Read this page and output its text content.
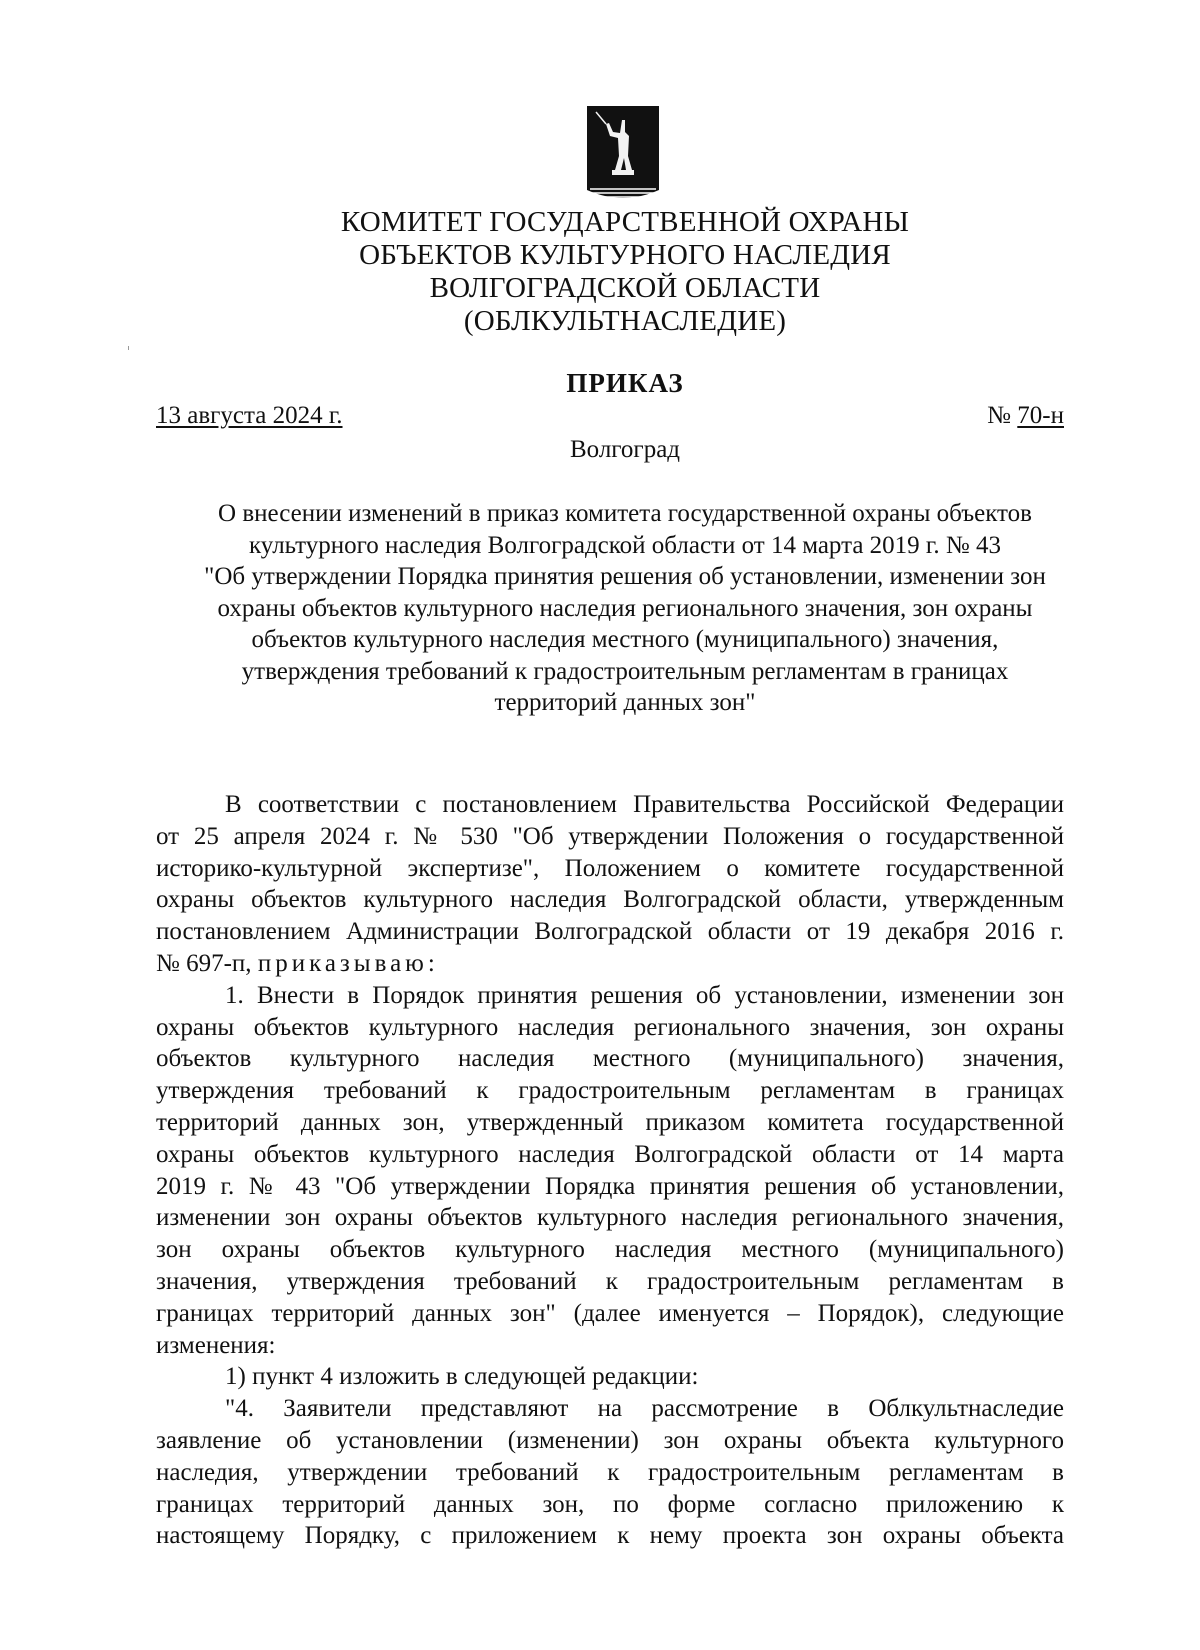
КОМИТЕТ ГОСУДАРСТВЕННОЙ ОХРАНЫ
ОБЪЕКТОВ КУЛЬТУРНОГО НАСЛЕДИЯ
ВОЛГОГРАДСКОЙ ОБЛАСТИ
(ОБЛКУЛЬТНАСЛЕДИЕ)
ПРИКАЗ
13 августа 2024 г.	№ 70-н
Волгоград
О внесении изменений в приказ комитета государственной охраны объектов
культурного наследия Волгоградской области от 14 марта 2019 г. № 43
"Об утверждении Порядка принятия решения об установлении, изменении зон
охраны объектов культурного наследия регионального значения, зон охраны
объектов культурного наследия местного (муниципального) значения,
утверждения требований к градостроительным регламентам в границах
территорий данных зон"
В соответствии с постановлением Правительства Российской Федерации
от 25 апреля 2024 г. № 530 "Об утверждении Положения о государственной
историко-культурной экспертизе", Положением о комитете государственной
охраны объектов культурного наследия Волгоградской области, утвержденным
постановлением Администрации Волгоградской области от 19 декабря 2016 г.
№ 697-п, приказываю:
1. Внести в Порядок принятия решения об установлении, изменении зон
охраны объектов культурного наследия регионального значения, зон охраны
объектов культурного наследия местного (муниципального) значения,
утверждения требований к градостроительным регламентам в границах
территорий данных зон, утвержденный приказом комитета государственной
охраны объектов культурного наследия Волгоградской области от 14 марта
2019 г. № 43 "Об утверждении Порядка принятия решения об установлении,
изменении зон охраны объектов культурного наследия регионального значения,
зон охраны объектов культурного наследия местного (муниципального)
значения, утверждения требований к градостроительным регламентам в
границах территорий данных зон" (далее именуется – Порядок), следующие
изменения:
1) пункт 4 изложить в следующей редакции:
"4. Заявители представляют на рассмотрение в Облкультнаследие
заявление об установлении (изменении) зон охраны объекта культурного
наследия, утверждении требований к градостроительным регламентам в
границах территорий данных зон, по форме согласно приложению к
настоящему Порядку, с приложением к нему проекта зон охраны объекта
